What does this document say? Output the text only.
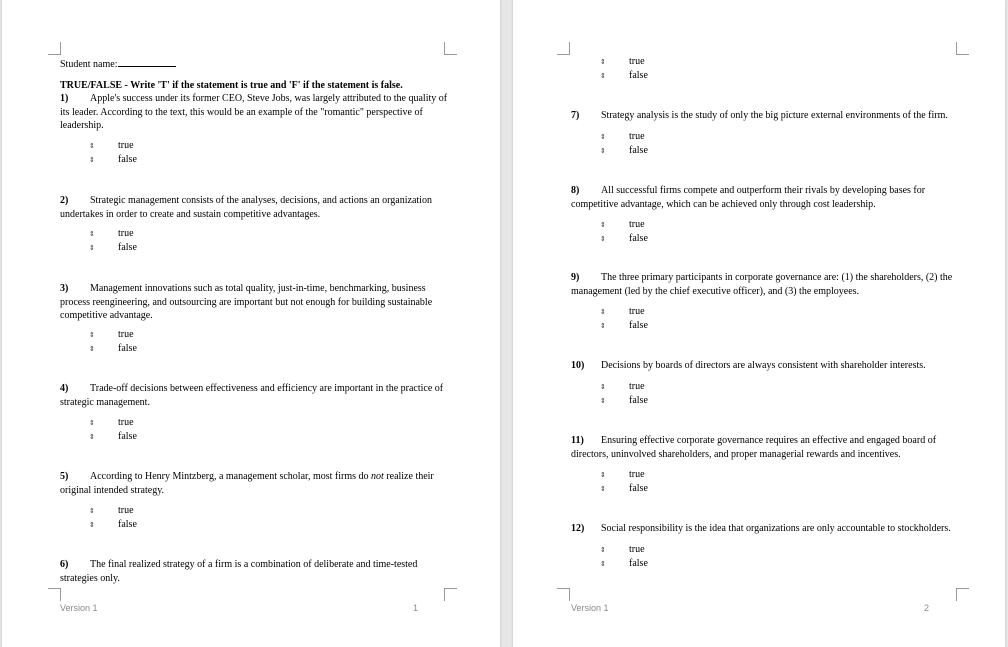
Student name:
TRUE/FALSE - Write 'T' if the statement is true and 'F' if the statement is false.
1) Apple's success under its former CEO, Steve Jobs, was largely attributed to the quality of its leader. According to the text, this would be an example of the "romantic" perspective of leadership.
⇕ true
⇕ false
2) Strategic management consists of the analyses, decisions, and actions an organization undertakes in order to create and sustain competitive advantages.
⇕ true
⇕ false
3) Management innovations such as total quality, just-in-time, benchmarking, business process reengineering, and outsourcing are important but not enough for building sustainable competitive advantage.
⇕ true
⇕ false
4) Trade-off decisions between effectiveness and efficiency are important in the practice of strategic management.
⇕ true
⇕ false
5) According to Henry Mintzberg, a management scholar, most firms do not realize their original intended strategy.
⇕ true
⇕ false
6) The final realized strategy of a firm is a combination of deliberate and time-tested strategies only.
Version 1	1
⇕ true
⇕ false
7) Strategy analysis is the study of only the big picture external environments of the firm.
⇕ true
⇕ false
8) All successful firms compete and outperform their rivals by developing bases for competitive advantage, which can be achieved only through cost leadership.
⇕ true
⇕ false
9) The three primary participants in corporate governance are: (1) the shareholders, (2) the management (led by the chief executive officer), and (3) the employees.
⇕ true
⇕ false
10) Decisions by boards of directors are always consistent with shareholder interests.
⇕ true
⇕ false
11) Ensuring effective corporate governance requires an effective and engaged board of directors, uninvolved shareholders, and proper managerial rewards and incentives.
⇕ true
⇕ false
12) Social responsibility is the idea that organizations are only accountable to stockholders.
⇕ true
⇕ false
Version 1	2
